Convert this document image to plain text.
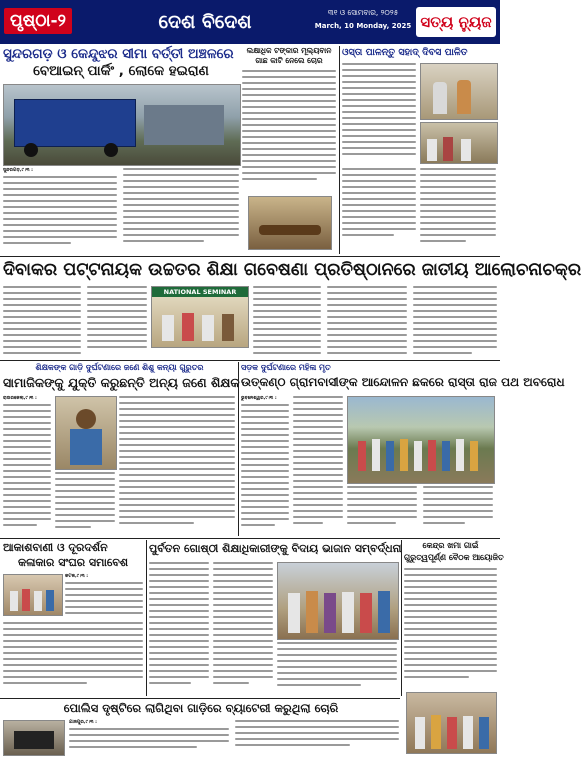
ପୃଷ୍ଠା-୨	ଦେଶ ବିଦେଶ	୩୧ ଓ ସୋମବାର, ୨୦୨୫
March, 10 Monday, 2025 ସତ୍ୟ ନ୍ୟୁଜ
ସୁନ୍ଦରଗଡ଼ ଓ କେନ୍ଦୁଝର ସୀମା ବର୍ତ୍ତୀ ଅଞ୍ଚଳରେ
ବେଆଇନ୍ ପାର୍କିଂ , ଲୋକେ ହଇରାଣ
ସୁନ୍ଦରଗଡ଼,୯।୩ :
ଲକ୍ଷାଧିକ ଟଙ୍କାର ମୂଲ୍ୟବାନ ଗାଛ କାଟି ନେଲେ ଚୋର
ଓସ୍ତା ପାଳନ୍ତୁ ସହାଦ୍ ଦିବସ ପାଳିତ
ଦିବାକର ପଟ୍ଟନାୟକ ଉଚ୍ଚତର ଶିକ୍ଷା ଗବେଷଣା ପ୍ରତିଷ୍ଠାନରେ ଜାତୀୟ ଆଲୋଚନାଚକ୍ର
NATIONAL SEMINAR
ଶିକ୍ଷକଙ୍କ ଗାଡ଼ି ଦୁର୍ଘଟଣାରେ ଜଣେ ଶିଶୁ କନ୍ୟା ଗୁରୁତର
ସାମାଜିକଙ୍କୁ ଯୁକ୍ତି କରୁଛନ୍ତି ଅନ୍ୟ ଜଣେ ଶିକ୍ଷକ
ରାଉରକେଲା,୯।୩ :
ସଡ଼କ ଦୁର୍ଘଟଣାରେ ମହିଳା ମୃତ
ଉତ୍କଣ୍ଠ ଗ୍ରାମବାସୀଙ୍କ ଆନ୍ଦୋଳନ ଛକରେ ରାସ୍ତା ରାଜ ପଥ ଅବରୋଧ
ଭୁବନେଶ୍ୱର,୯।୩ :
ଆକାଶବାଣୀ ଓ ଦୂରଦର୍ଶନ
କଳାକାର ସଂଘର ସମାବେଶ
କଟକ,୯।୩ :
ପୁର୍ବତନ ଗୋଷ୍ଠୀ ଶିକ୍ଷାଧିକାରୀଙ୍କୁ ବିଦାୟ ଭାଜାନ ସମ୍ବର୍ଦ୍ଧନା	କେନ୍ଦ୍ର ଖମା ଗାଇଁ
ଗୁରୁତ୍ୱପୂର୍ଣ୍ଣ ବୈଠକ ଆୟୋଜିତ
ପୋଲିସ ଦୃଷ୍ଟିରେ ଲାଗିଥିବା ଗାଡ଼ିରେ ବ୍ୟାଟେରୀ କରୁଥିଲା ଚୋରି
ଯାଜପୁର,୯।୩ :
